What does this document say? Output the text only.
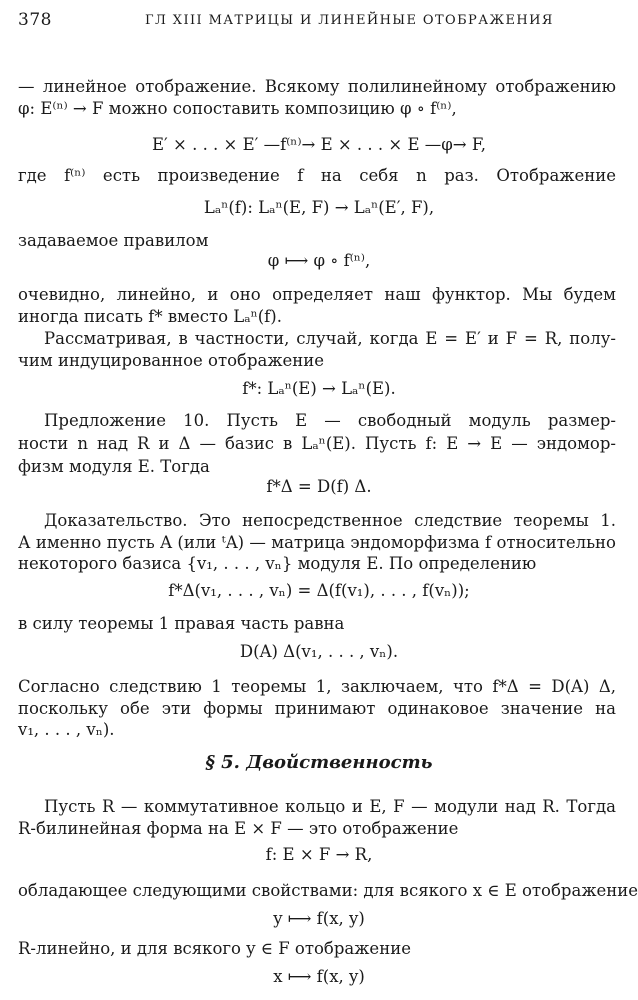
378	ГЛ XIII МАТРИЦЫ И ЛИНЕЙНЫЕ ОТОБРАЖЕНИЯ
— линейное отображение. Всякому полилинейному отображению
φ: E⁽ⁿ⁾ → F можно сопоставить композицию φ ∘ f⁽ⁿ⁾,
E′ × . . . × E′ —f⁽ⁿ⁾→ E × . . . × E —φ→ F,
где f⁽ⁿ⁾ есть произведение f на себя n раз. Отображение
Lₐⁿ(f): Lₐⁿ(E, F) → Lₐⁿ(E′, F),
задаваемое правилом
φ ⟼ φ ∘ f⁽ⁿ⁾,
очевидно, линейно, и оно определяет наш функтор. Мы будем
иногда писать f* вместо Lₐⁿ(f).
Рассматривая, в частности, случай, когда E = E′ и F = R, полу-
чим индуцированное отображение
f*: Lₐⁿ(E) → Lₐⁿ(E).
Предложение 10. Пусть E — свободный модуль размер-
ности n над R и Δ — базис в Lₐⁿ(E). Пусть f: E → E — эндомор-
физм модуля E. Тогда
f*Δ = D(f) Δ.
Доказательство. Это непосредственное следствие теоремы 1.
А именно пусть A (или ᵗA) — матрица эндоморфизма f относительно
некоторого базиса {v₁, . . . , vₙ} модуля E. По определению
f*Δ(v₁, . . . , vₙ) = Δ(f(v₁), . . . , f(vₙ));
в силу теоремы 1 правая часть равна
D(A) Δ(v₁, . . . , vₙ).
Согласно следствию 1 теоремы 1, заключаем, что f*Δ = D(A) Δ,
поскольку обе эти формы принимают одинаковое значение на
v₁, . . . , vₙ).
§ 5. Двойственность
Пусть R — коммутативное кольцо и E, F — модули над R. Тогда
R-билинейная форма на E × F — это отображение
f: E × F → R,
обладающее следующими свойствами: для всякого x ∈ E отображение
y ⟼ f(x, y)
R-линейно, и для всякого y ∈ F отображение
x ⟼ f(x, y)
